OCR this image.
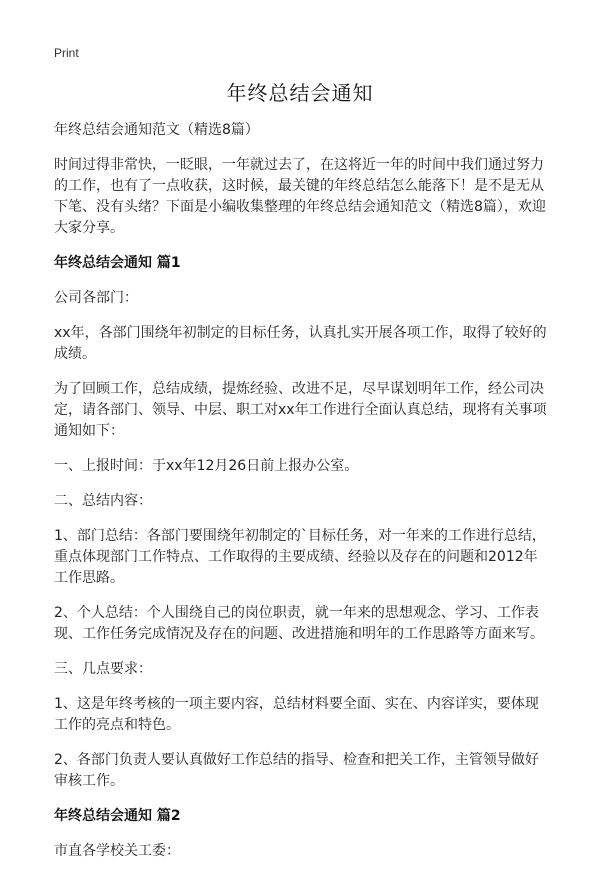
Print
年终总结会通知

年终总结会通知范文（精选8篇）

时间过得非常快，一眨眼，一年就过去了，在这将近一年的时间中我们通过努力的工作，也有了一点收获，这时候，最关键的年终总结怎么能落下！是不是无从下笔、没有头绪？下面是小编收集整理的年终总结会通知范文（精选8篇），欢迎大家分享。

年终总结会通知 篇1

公司各部门：

xx年，各部门围绕年初制定的目标任务，认真扎实开展各项工作，取得了较好的成绩。

为了回顾工作，总结成绩，提炼经验、改进不足，尽早谋划明年工作，经公司决定，请各部门、领导、中层、职工对xx年工作进行全面认真总结，现将有关事项通知如下：

一、上报时间：于xx年12月26日前上报办公室。

二、总结内容：

1、部门总结：各部门要围绕年初制定的`目标任务，对一年来的工作进行总结，重点体现部门工作特点、工作取得的主要成绩、经验以及存在的问题和2012年工作思路。

2、个人总结：个人围绕自己的岗位职责，就一年来的思想观念、学习、工作表现、工作任务完成情况及存在的问题、改进措施和明年的工作思路等方面来写。

三、几点要求：

1、这是年终考核的一项主要内容，总结材料要全面、实在、内容详实，要体现工作的亮点和特色。

2、各部门负责人要认真做好工作总结的指导、检查和把关工作，主管领导做好审核工作。

年终总结会通知 篇2

市直各学校关工委：
